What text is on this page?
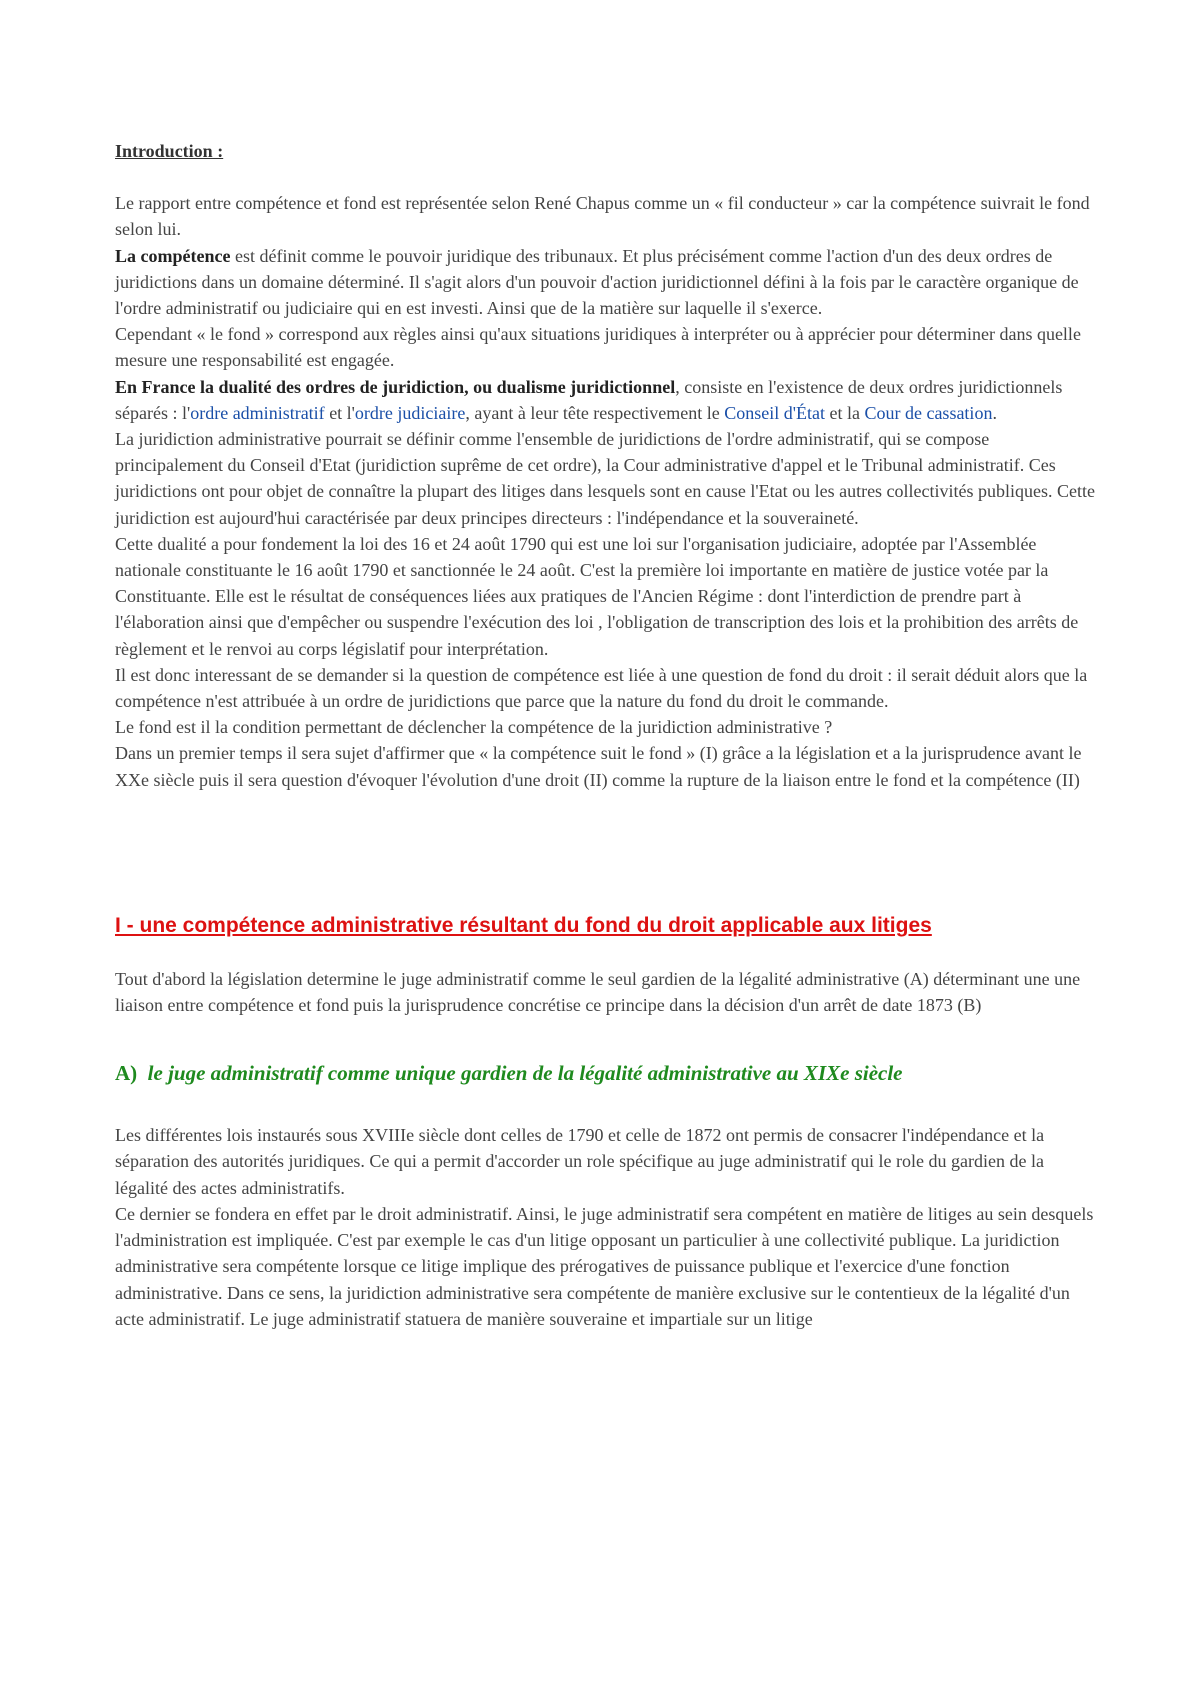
Introduction :

Le rapport entre compétence et fond est représentée selon René Chapus comme un « fil conducteur » car la compétence suivrait le fond selon lui.

La compétence est définit comme le pouvoir juridique des tribunaux. Et plus précisément comme l'action d'un des deux ordres de juridictions dans un domaine déterminé. Il s'agit alors d'un pouvoir d'action juridictionnel défini à la fois par le caractère organique de l'ordre administratif ou judiciaire qui en est investi. Ainsi que de la matière sur laquelle il s'exerce.

Cependant « le fond » correspond aux règles ainsi qu'aux situations juridiques à interpréter ou à apprécier pour déterminer dans quelle mesure une responsabilité est engagée.

En France la dualité des ordres de juridiction, ou dualisme juridictionnel, consiste en l'existence de deux ordres juridictionnels séparés : l'ordre administratif et l'ordre judiciaire, ayant à leur tête respectivement le Conseil d'État et la Cour de cassation.

La juridiction administrative pourrait se définir comme l'ensemble de juridictions de l'ordre administratif, qui se compose principalement du Conseil d'Etat (juridiction suprême de cet ordre), la Cour administrative d'appel et le Tribunal administratif. Ces juridictions ont pour objet de connaître la plupart des litiges dans lesquels sont en cause l'Etat ou les autres collectivités publiques. Cette juridiction est aujourd'hui caractérisée par deux principes directeurs : l'indépendance et la souveraineté.

Cette dualité a pour fondement la loi des 16 et 24 août 1790 qui est une loi sur l'organisation judiciaire, adoptée par l'Assemblée nationale constituante le 16 août 1790 et sanctionnée le 24 août. C'est la première loi importante en matière de justice votée par la Constituante. Elle est le résultat de conséquences liées aux pratiques de l'Ancien Régime : dont l'interdiction de prendre part à l'élaboration ainsi que d'empêcher ou suspendre l'exécution des loi , l'obligation de transcription des lois et la prohibition des arrêts de règlement et le renvoi au corps législatif pour interprétation.

Il est donc interessant de se demander si la question de compétence est liée à une question de fond du droit : il serait déduit alors que la compétence n'est attribuée à un ordre de juridictions que parce que la nature du fond du droit le commande.

Le fond est il la condition permettant de déclencher la compétence de la juridiction administrative ?

Dans un premier temps il sera sujet d'affirmer que « la compétence suit le fond » (I) grâce a la législation et a la jurisprudence avant le XXe siècle puis il sera question d'évoquer l'évolution d'une droit (II) comme la rupture de la liaison entre le fond et la compétence (II)

I - une compétence administrative résultant du fond du droit applicable aux litiges

Tout d'abord la législation determine le juge administratif comme le seul gardien de la légalité administrative (A) déterminant une une liaison entre compétence et fond puis la jurisprudence concrétise ce principe dans la décision d'un arrêt de date 1873 (B)

A) le juge administratif comme unique gardien de la légalité administrative au XIXe siècle

Les différentes lois instaurés sous XVIIIe siècle dont celles de 1790 et celle de 1872 ont permis de consacrer l'indépendance et la séparation des autorités juridiques. Ce qui a permit d'accorder un role spécifique au juge administratif qui le role du gardien de la légalité des actes administratifs.

Ce dernier se fondera en effet par le droit administratif. Ainsi, le juge administratif sera compétent en matière de litiges au sein desquels l'administration est impliquée. C'est par exemple le cas d'un litige opposant un particulier à une collectivité publique. La juridiction administrative sera compétente lorsque ce litige implique des prérogatives de puissance publique et l'exercice d'une fonction administrative. Dans ce sens, la juridiction administrative sera compétente de manière exclusive sur le contentieux de la légalité d'un acte administratif. Le juge administratif statuera de manière souveraine et impartiale sur un litige
